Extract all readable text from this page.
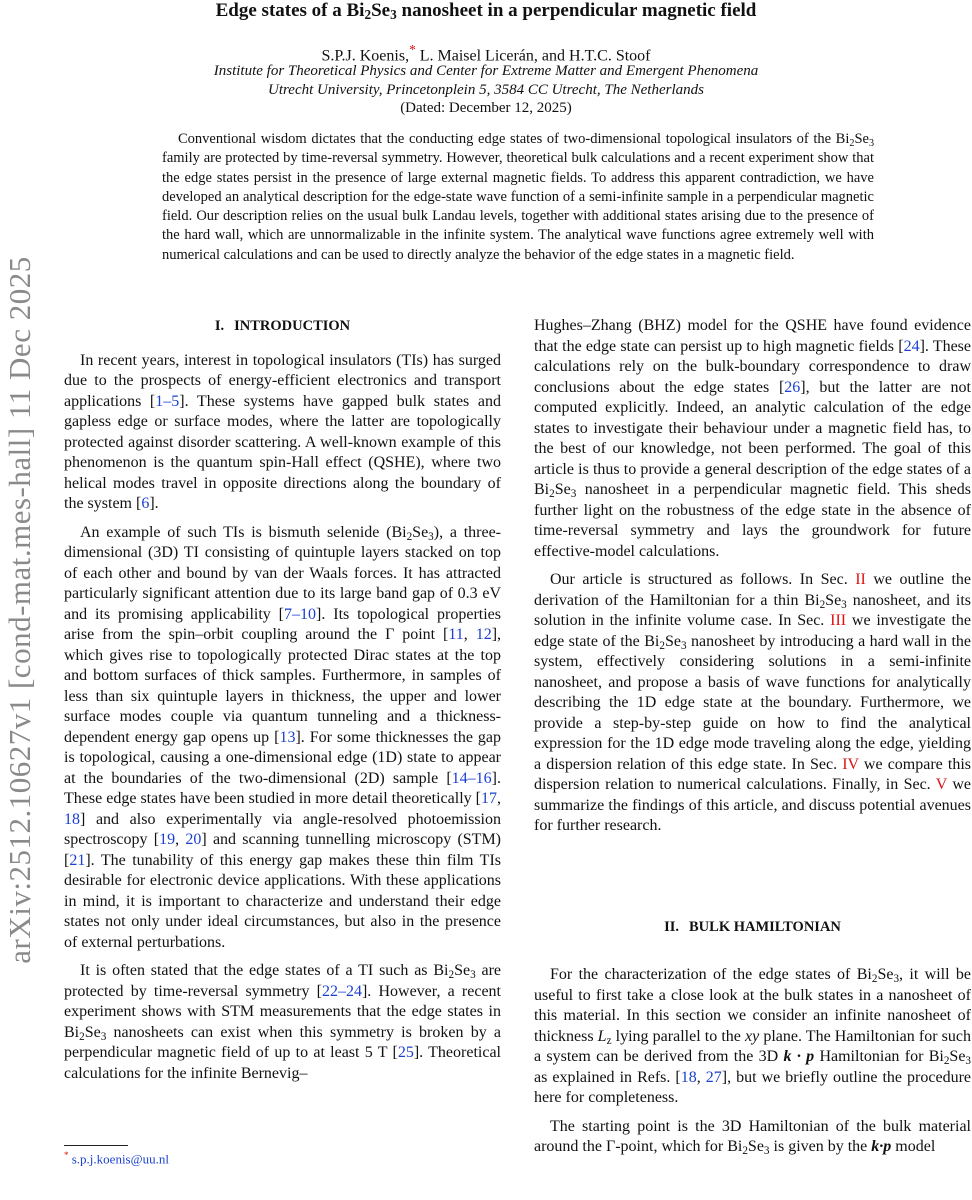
arXiv:2512.10627v1 [cond-mat.mes-hall] 11 Dec 2025
Edge states of a $Bi_2Se_3$ nanosheet in a perpendicular magnetic field
S.P.J. Koenis,* L. Maisel Licerán, and H.T.C. Stoof
Institute for Theoretical Physics and Center for Extreme Matter and Emergent Phenomena
Utrecht University, Princetonplein 5, 3584 CC Utrecht, The Netherlands
(Dated: December 12, 2025)
Conventional wisdom dictates that the conducting edge states of two-dimensional topological insulators of the $Bi_2Se_3$ family are protected by time-reversal symmetry. However, theoretical bulk calculations and a recent experiment show that the edge states persist in the presence of large external magnetic fields. To address this apparent contradiction, we have developed an analytical description for the edge-state wave function of a semi-infinite sample in a perpendicular magnetic field. Our description relies on the usual bulk Landau levels, together with additional states arising due to the presence of the hard wall, which are unnormalizable in the infinite system. The analytical wave functions agree extremely well with numerical calculations and can be used to directly analyze the behavior of the edge states in a magnetic field.
I. INTRODUCTION

In recent years, interest in topological insulators (TIs) has surged due to the prospects of energy-efficient electronics and transport applications [1–5]. These systems have gapped bulk states and gapless edge or surface modes, where the latter are topologically protected against disorder scattering. A well-known example of this phenomenon is the quantum spin-Hall effect (QSHE), where two helical modes travel in opposite directions along the boundary of the system [6].

An example of such TIs is bismuth selenide $(Bi_2Se_3)$, a three-dimensional (3D) TI consisting of quintuple layers stacked on top of each other and bound by van der Waals forces. It has attracted particularly significant attention due to its large band gap of 0.3 eV and its promising applicability [7–10]. Its topological properties arise from the spin–orbit coupling around the Γ point [11, 12], which gives rise to topologically protected Dirac states at the top and bottom surfaces of thick samples. Furthermore, in samples of less than six quintuple layers in thickness, the upper and lower surface modes couple via quantum tunneling and a thickness-dependent energy gap opens up [13]. For some thicknesses the gap is topological, causing a one-dimensional edge (1D) state to appear at the boundaries of the two-dimensional (2D) sample [14–16]. These edge states have been studied in more detail theoretically [17, 18] and also experimentally via angle-resolved photoemission spectroscopy [19, 20] and scanning tunnelling microscopy (STM) [21]. The tunability of this energy gap makes these thin film TIs desirable for electronic device applications. With these applications in mind, it is important to characterize and understand their edge states not only under ideal circumstances, but also in the presence of external perturbations.

It is often stated that the edge states of a TI such as $Bi_2Se_3$ are protected by time-reversal symmetry [22–24]. However, a recent experiment shows with STM measurements that the edge states in $Bi_2Se_3$ nanosheets can exist when this symmetry is broken by a perpendicular magnetic field of up to at least 5 T [25]. Theoretical calculations for the infinite Bernevig–

Hughes–Zhang (BHZ) model for the QSHE have found evidence that the edge state can persist up to high magnetic fields [24]. These calculations rely on the bulk-boundary correspondence to draw conclusions about the edge states [26], but the latter are not computed explicitly. Indeed, an analytic calculation of the edge states to investigate their behaviour under a magnetic field has, to the best of our knowledge, not been performed. The goal of this article is thus to provide a general description of the edge states of a $Bi_2Se_3$ nanosheet in a perpendicular magnetic field. This sheds further light on the robustness of the edge state in the absence of time-reversal symmetry and lays the groundwork for future effective-model calculations.

Our article is structured as follows. In Sec. II we outline the derivation of the Hamiltonian for a thin $Bi_2Se_3$ nanosheet, and its solution in the infinite volume case. In Sec. III we investigate the edge state of the $Bi_2Se_3$ nanosheet by introducing a hard wall in the system, effectively considering solutions in a semi-infinite nanosheet, and propose a basis of wave functions for analytically describing the 1D edge state at the boundary. Furthermore, we provide a step-by-step guide on how to find the analytical expression for the 1D edge mode traveling along the edge, yielding a dispersion relation of this edge state. In Sec. IV we compare this dispersion relation to numerical calculations. Finally, in Sec. V we summarize the findings of this article, and discuss potential avenues for further research.

II. BULK HAMILTONIAN

For the characterization of the edge states of $Bi_2Se_3$, it will be useful to first take a close look at the bulk states in a nanosheet of this material. In this section we consider an infinite nanosheet of thickness $L_z$ lying parallel to the xy plane. The Hamiltonian for such a system can be derived from the 3D k · p Hamiltonian for $Bi_2Se_3$ as explained in Refs. [18, 27], but we briefly outline the procedure here for completeness.

The starting point is the 3D Hamiltonian of the bulk material around the Γ-point, which for $Bi_2Se_3$ is given by the k·p model

* s.p.j.koenis@uu.nl
